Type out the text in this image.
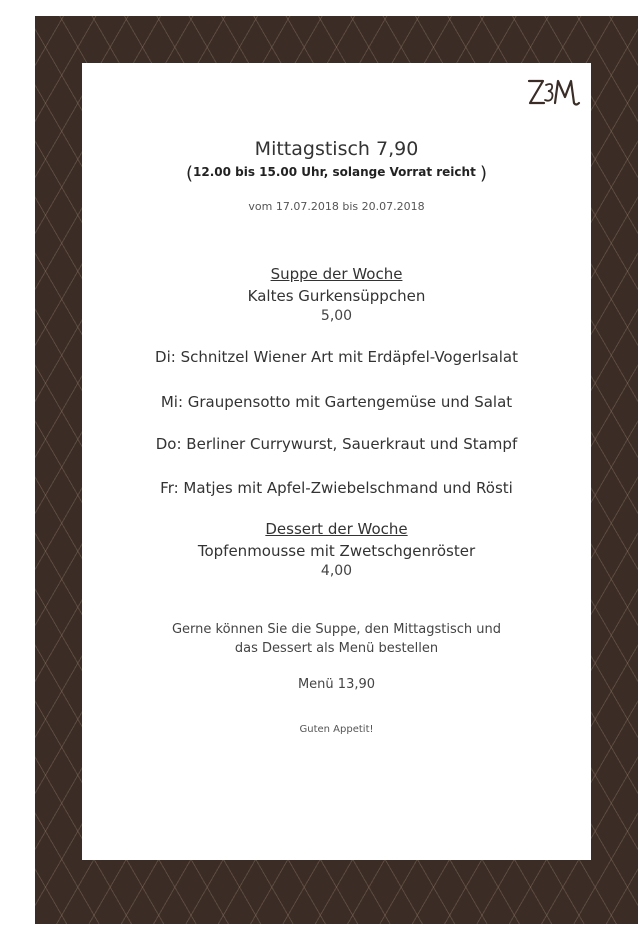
Mittagstisch 7,90
(12.00 bis 15.00 Uhr, solange Vorrat reicht )
vom 17.07.2018 bis 20.07.2018
Suppe der Woche
Kaltes Gurkensüppchen
5,00
Di: Schnitzel Wiener Art mit Erdäpfel-Vogerlsalat
Mi: Graupensotto mit Gartengemüse und Salat
Do: Berliner Currywurst, Sauerkraut und Stampf
Fr: Matjes mit Apfel-Zwiebelschmand und Rösti
Dessert der Woche
Topfenmousse mit Zwetschgenröster
4,00
Gerne können Sie die Suppe, den Mittagstisch und
das Dessert als Menü bestellen
Menü 13,90
Guten Appetit!
